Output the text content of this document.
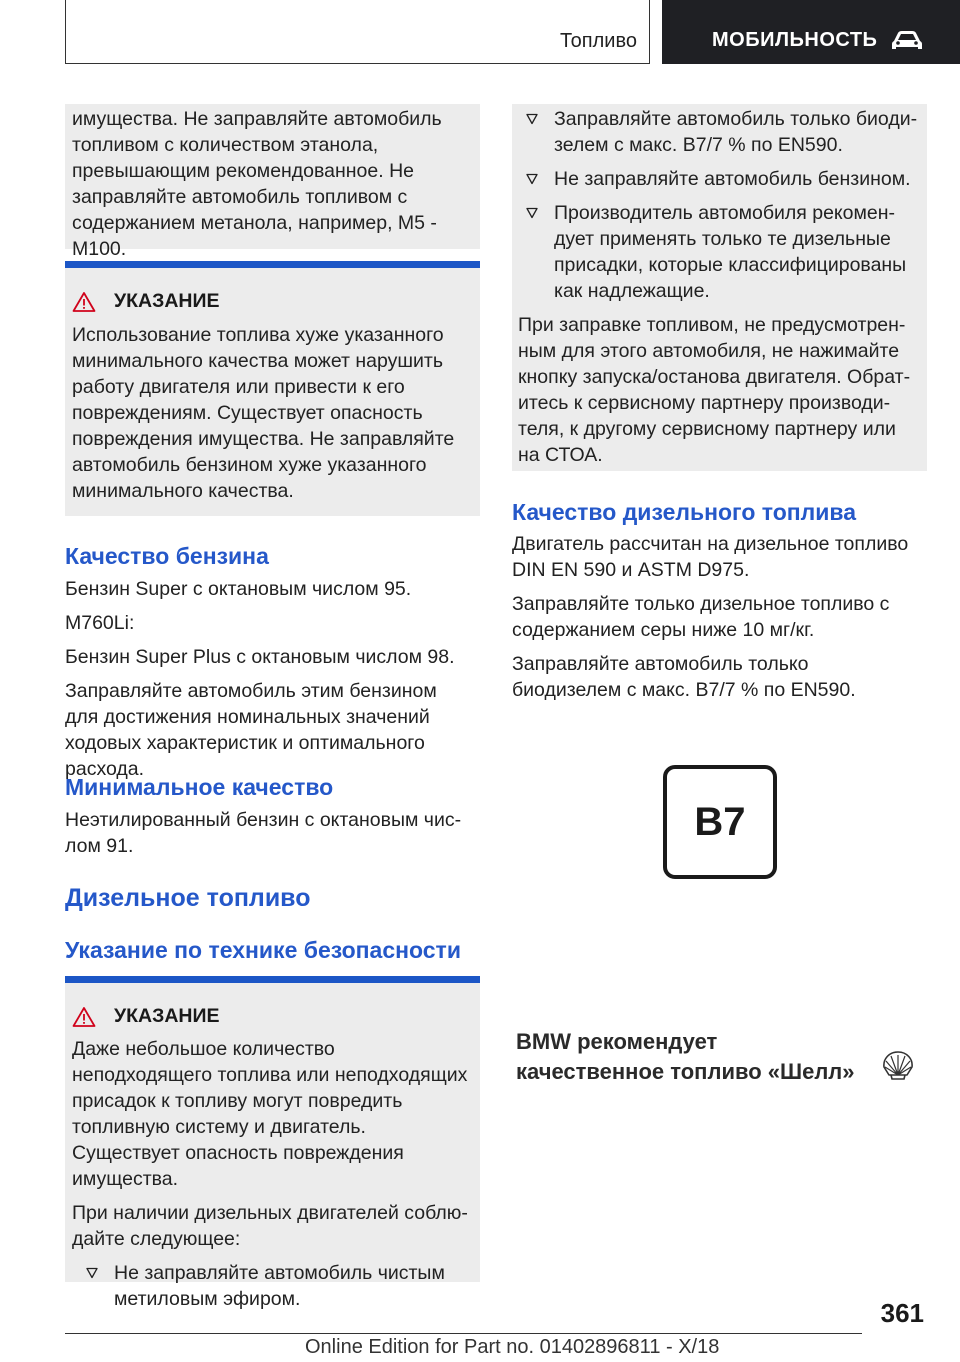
Топливо	МОБИЛЬНОСТЬ
имущества. Не заправляйте автомобиль топливом с количеством этанола, превышающим рекомендованное. Не заправляйте автомобиль топливом с содержанием метанола, например, M5 - M100.
УКАЗАНИЕ
Использование топлива хуже указанного минимального качества может нарушить работу двигателя или привести к его повреждениям. Существует опасность повреждения имущества. Не заправляйте автомобиль бензином хуже указанного минимального качества.
Качество бензина
Бензин Super с октановым числом 95.
M760Li:
Бензин Super Plus с октановым числом 98.
Заправляйте автомобиль этим бензином для достижения номинальных значений ходовых характеристик и оптимального расхода.
Минимальное качество
Неэтилированный бензин с октановым числом 91.
Дизельное топливо
Указание по технике безопасности
УКАЗАНИЕ
Даже небольшое количество неподходящего топлива или неподходящих присадок к топливу могут повредить топливную систему и двигатель. Существует опасность повреждения имущества.
При наличии дизельных двигателей соблюдайте следующее:
Не заправляйте автомобиль чистым метиловым эфиром.
Заправляйте автомобиль только биодизелем с макс. B7/7 % по EN590.
Не заправляйте автомобиль бензином.
Производитель автомобиля рекомендует применять только те дизельные присадки, которые классифицированы как надлежащие.
При заправке топливом, не предусмотренным для этого автомобиля, не нажимайте кнопку запуска/останова двигателя. Обратитесь к сервисному партнеру производителя, к другому сервисному партнеру или на СТОА.
Качество дизельного топлива
Двигатель рассчитан на дизельное топливо DIN EN 590 и ASTM D975.
Заправляйте только дизельное топливо с содержанием серы ниже 10 мг/кг.
Заправляйте автомобиль только биодизелем с макс. B7/7 % по EN590.
B7
BMW рекомендует
качественное топливо «Шелл»
361
Online Edition for Part no. 01402896811 - X/18
